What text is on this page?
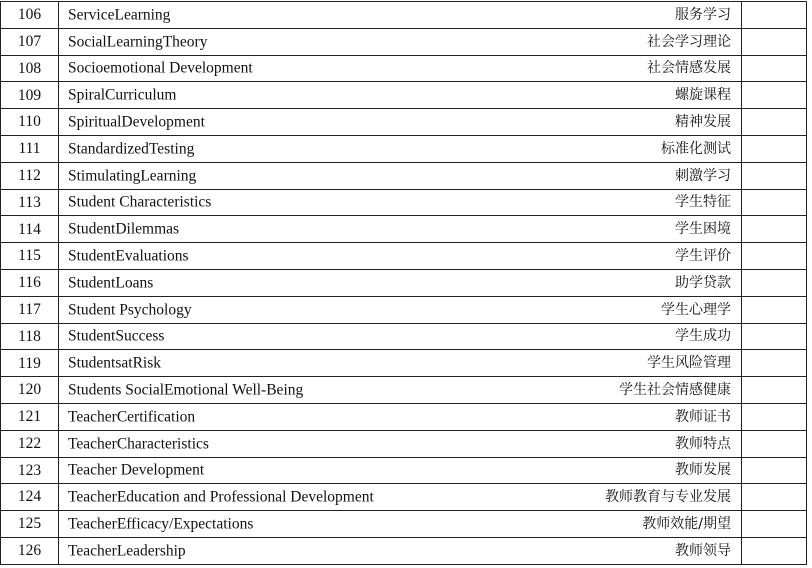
106	ServiceLearning 服务学习	

107	SocialLearningTheory 社会学习理论	

108	Socioemotional Development 社会情感发展	

109	SpiralCurriculum 螺旋课程	

110	SpiritualDevelopment 精神发展	

111	StandardizedTesting 标准化测试	

112	StimulatingLearning 刺激学习	

113	Student Characteristics 学生特征	

114	StudentDilemmas 学生困境	

115	StudentEvaluations 学生评价	

116	StudentLoans 助学贷款	

117	Student Psychology 学生心理学	

118	StudentSuccess 学生成功	

119	StudentsatRisk 学生风险管理	

120	Students SocialEmotional Well-Being 学生社会情感健康	

121	TeacherCertification 教师证书	

122	TeacherCharacteristics 教师特点	

123	Teacher Development 教师发展	

124	TeacherEducation and Professional Development 教师教育与专业发展	

125	TeacherEfficacy/Expectations 教师效能/期望	

126	TeacherLeadership 教师领导	
